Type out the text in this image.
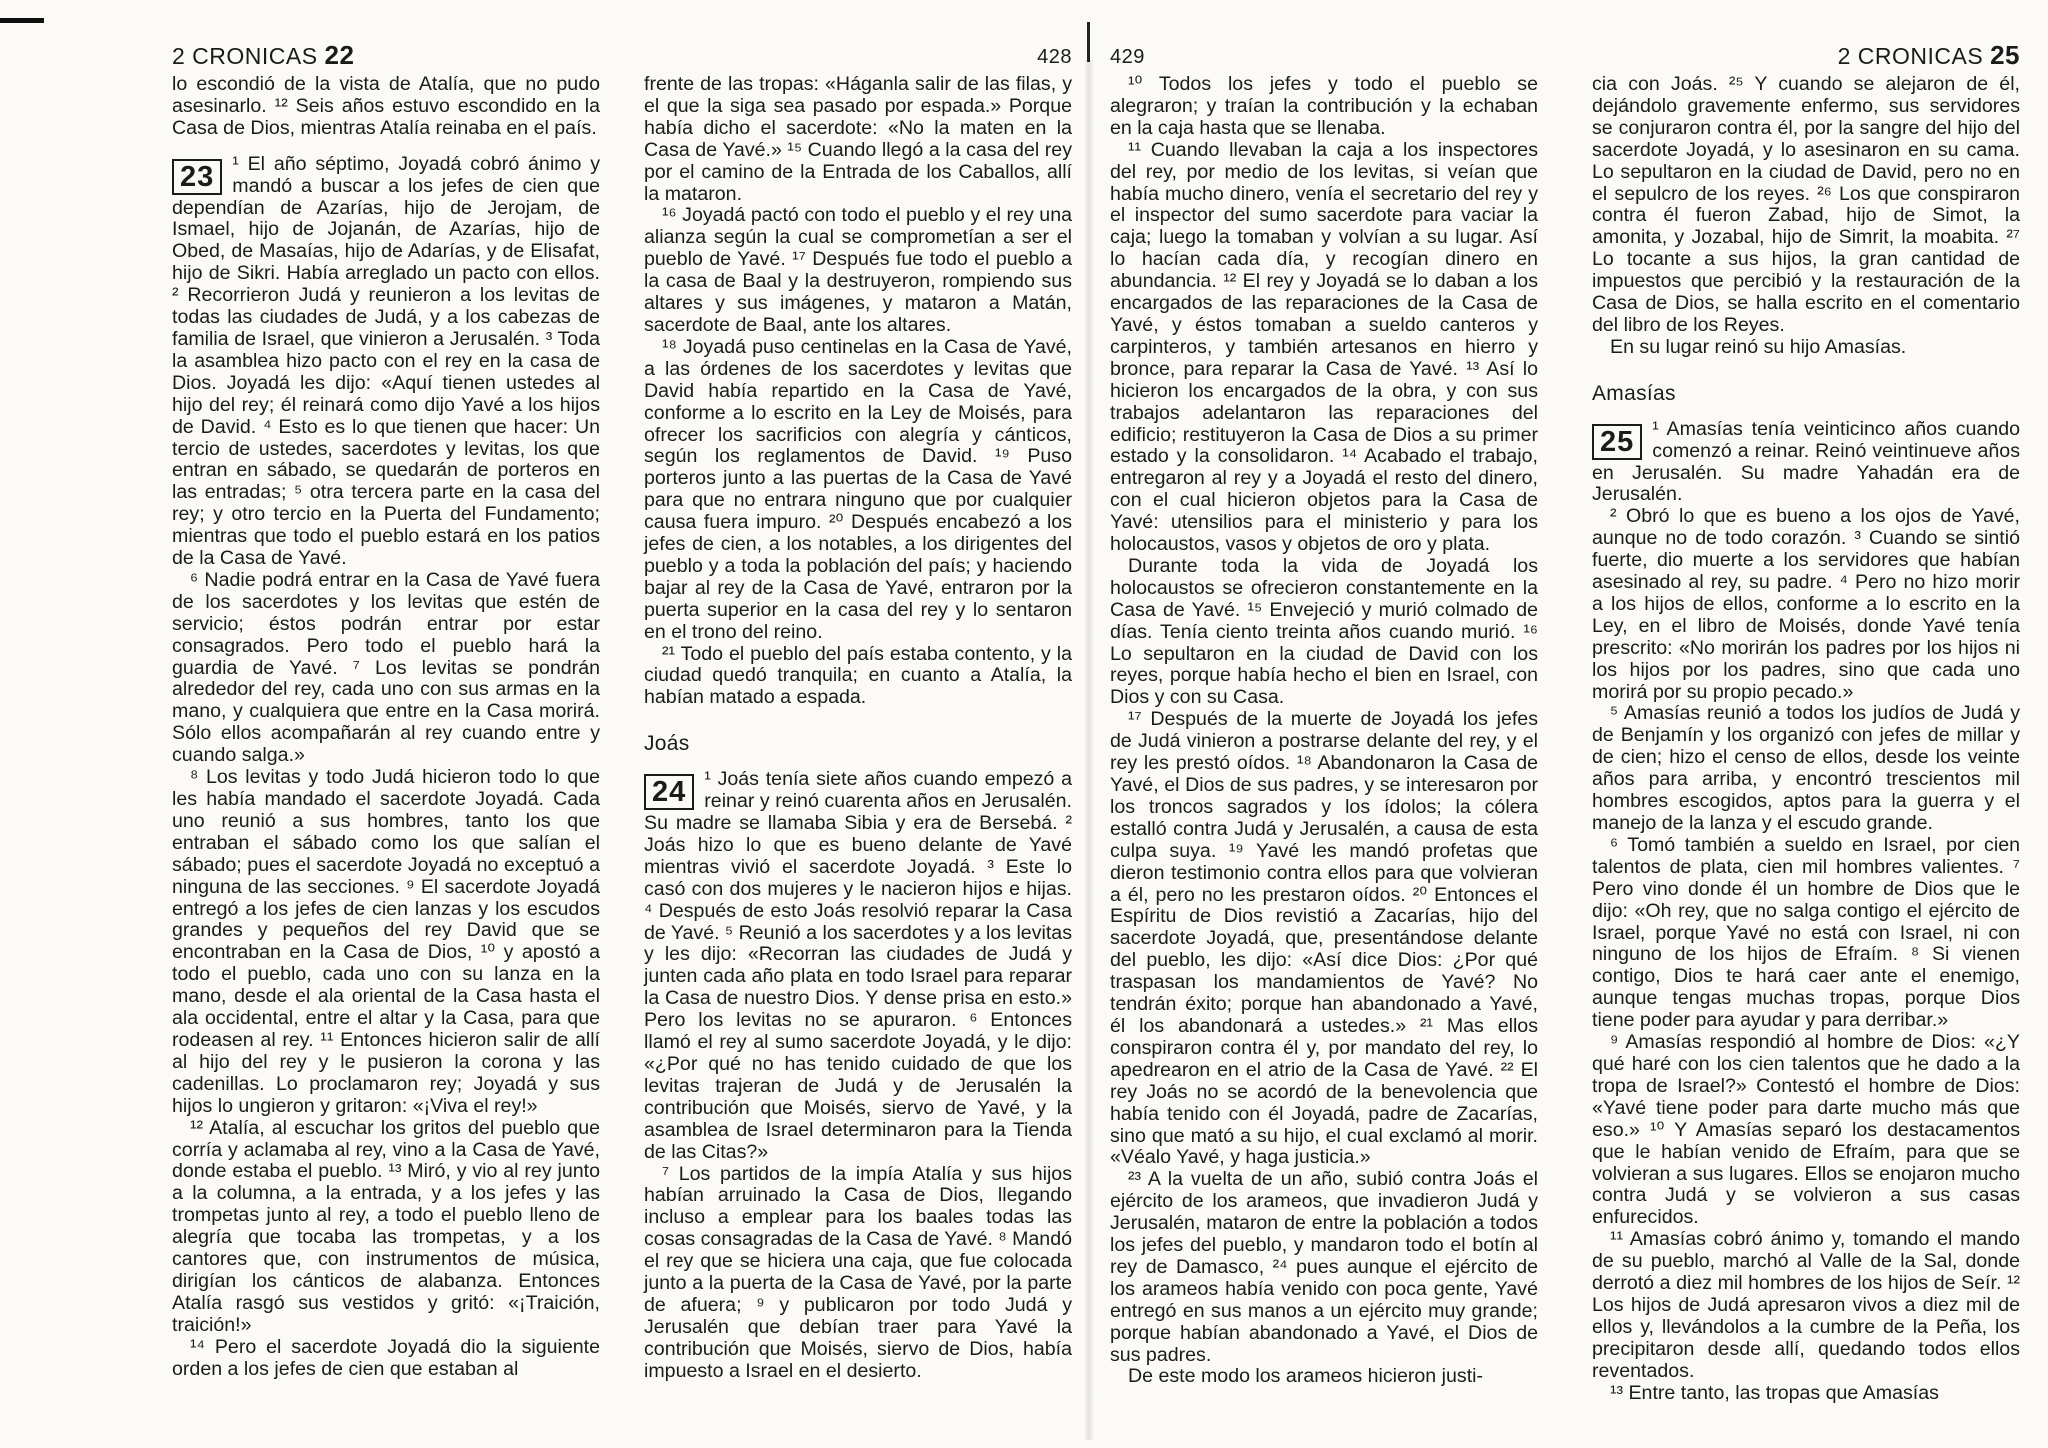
2 CRONICAS 22	428

lo escondió de la vista de Atalía, que no pudo asesinarlo. ¹² Seis años estuvo escondido en la Casa de Dios, mientras Atalía reinaba en el país.

23 ¹ El año séptimo, Joyadá cobró ánimo y mandó a buscar a los jefes de cien que dependían de Azarías, hijo de Jerojam, de Ismael, hijo de Jojanán, de Azarías, hijo de Obed, de Masaías, hijo de Adarías, y de Elisafat, hijo de Sikri. Había arreglado un pacto con ellos. ² Recorrieron Judá y reunieron a los levitas de todas las ciudades de Judá, y a los cabezas de familia de Israel, que vinieron a Jerusalén. ³ Toda la asamblea hizo pacto con el rey en la casa de Dios. Joyadá les dijo: «Aquí tienen ustedes al hijo del rey; él reinará como dijo Yavé a los hijos de David. ⁴ Esto es lo que tienen que hacer: Un tercio de ustedes, sacerdotes y levitas, los que entran en sábado, se quedarán de porteros en las entradas; ⁵ otra tercera parte en la casa del rey; y otro tercio en la Puerta del Fundamento; mientras que todo el pueblo estará en los patios de la Casa de Yavé.

⁶ Nadie podrá entrar en la Casa de Yavé fuera de los sacerdotes y los levitas que estén de servicio; éstos podrán entrar por estar consagrados. Pero todo el pueblo hará la guardia de Yavé. ⁷ Los levitas se pondrán alrededor del rey, cada uno con sus armas en la mano, y cualquiera que entre en la Casa morirá. Sólo ellos acompañarán al rey cuando entre y cuando salga.»

⁸ Los levitas y todo Judá hicieron todo lo que les había mandado el sacerdote Joyadá. Cada uno reunió a sus hombres, tanto los que entraban el sábado como los que salían el sábado; pues el sacerdote Joyadá no exceptuó a ninguna de las secciones. ⁹ El sacerdote Joyadá entregó a los jefes de cien lanzas y los escudos grandes y pequeños del rey David que se encontraban en la Casa de Dios, ¹⁰ y apostó a todo el pueblo, cada uno con su lanza en la mano, desde el ala oriental de la Casa hasta el ala occidental, entre el altar y la Casa, para que rodeasen al rey. ¹¹ Entonces hicieron salir de allí al hijo del rey y le pusieron la corona y las cadenillas. Lo proclamaron rey; Joyadá y sus hijos lo ungieron y gritaron: «¡Viva el rey!»

¹² Atalía, al escuchar los gritos del pueblo que corría y aclamaba al rey, vino a la Casa de Yavé, donde estaba el pueblo. ¹³ Miró, y vio al rey junto a la columna, a la entrada, y a los jefes y las trompetas junto al rey, a todo el pueblo lleno de alegría que tocaba las trompetas, y a los cantores que, con instrumentos de música, dirigían los cánticos de alabanza. Entonces Atalía rasgó sus vestidos y gritó: «¡Traición, traición!»

¹⁴ Pero el sacerdote Joyadá dio la siguiente orden a los jefes de cien que estaban al

frente de las tropas: «Háganla salir de las filas, y el que la siga sea pasado por espada.» Porque había dicho el sacerdote: «No la maten en la Casa de Yavé.» ¹⁵ Cuando llegó a la casa del rey por el camino de la Entrada de los Caballos, allí la mataron.

¹⁶ Joyadá pactó con todo el pueblo y el rey una alianza según la cual se comprometían a ser el pueblo de Yavé. ¹⁷ Después fue todo el pueblo a la casa de Baal y la destruyeron, rompiendo sus altares y sus imágenes, y mataron a Matán, sacerdote de Baal, ante los altares.

¹⁸ Joyadá puso centinelas en la Casa de Yavé, a las órdenes de los sacerdotes y levitas que David había repartido en la Casa de Yavé, conforme a lo escrito en la Ley de Moisés, para ofrecer los sacrificios con alegría y cánticos, según los reglamentos de David. ¹⁹ Puso porteros junto a las puertas de la Casa de Yavé para que no entrara ninguno que por cualquier causa fuera impuro. ²⁰ Después encabezó a los jefes de cien, a los notables, a los dirigentes del pueblo y a toda la población del país; y haciendo bajar al rey de la Casa de Yavé, entraron por la puerta superior en la casa del rey y lo sentaron en el trono del reino.

²¹ Todo el pueblo del país estaba contento, y la ciudad quedó tranquila; en cuanto a Atalía, la habían matado a espada.

Joás

24 ¹ Joás tenía siete años cuando empezó a reinar y reinó cuarenta años en Jerusalén. Su madre se llamaba Sibia y era de Bersebá. ² Joás hizo lo que es bueno delante de Yavé mientras vivió el sacerdote Joyadá. ³ Este lo casó con dos mujeres y le nacieron hijos e hijas. ⁴ Después de esto Joás resolvió reparar la Casa de Yavé. ⁵ Reunió a los sacerdotes y a los levitas y les dijo: «Recorran las ciudades de Judá y junten cada año plata en todo Israel para reparar la Casa de nuestro Dios. Y dense prisa en esto.» Pero los levitas no se apuraron. ⁶ Entonces llamó el rey al sumo sacerdote Joyadá, y le dijo: «¿Por qué no has tenido cuidado de que los levitas trajeran de Judá y de Jerusalén la contribución que Moisés, siervo de Yavé, y la asamblea de Israel determinaron para la Tienda de las Citas?»

⁷ Los partidos de la impía Atalía y sus hijos habían arruinado la Casa de Dios, llegando incluso a emplear para los baales todas las cosas consagradas de la Casa de Yavé. ⁸ Mandó el rey que se hiciera una caja, que fue colocada junto a la puerta de la Casa de Yavé, por la parte de afuera; ⁹ y publicaron por todo Judá y Jerusalén que debían traer para Yavé la contribución que Moisés, siervo de Dios, había impuesto a Israel en el desierto.

429	2 CRONICAS 25

¹⁰ Todos los jefes y todo el pueblo se alegraron; y traían la contribución y la echaban en la caja hasta que se llenaba.

¹¹ Cuando llevaban la caja a los inspectores del rey, por medio de los levitas, si veían que había mucho dinero, venía el secretario del rey y el inspector del sumo sacerdote para vaciar la caja; luego la tomaban y volvían a su lugar. Así lo hacían cada día, y recogían dinero en abundancia. ¹² El rey y Joyadá se lo daban a los encargados de las reparaciones de la Casa de Yavé, y éstos tomaban a sueldo canteros y carpinteros, y también artesanos en hierro y bronce, para reparar la Casa de Yavé. ¹³ Así lo hicieron los encargados de la obra, y con sus trabajos adelantaron las reparaciones del edificio; restituyeron la Casa de Dios a su primer estado y la consolidaron. ¹⁴ Acabado el trabajo, entregaron al rey y a Joyadá el resto del dinero, con el cual hicieron objetos para la Casa de Yavé: utensilios para el ministerio y para los holocaustos, vasos y objetos de oro y plata.

Durante toda la vida de Joyadá los holocaustos se ofrecieron constantemente en la Casa de Yavé. ¹⁵ Envejeció y murió colmado de días. Tenía ciento treinta años cuando murió. ¹⁶ Lo sepultaron en la ciudad de David con los reyes, porque había hecho el bien en Israel, con Dios y con su Casa.

¹⁷ Después de la muerte de Joyadá los jefes de Judá vinieron a postrarse delante del rey, y el rey les prestó oídos. ¹⁸ Abandonaron la Casa de Yavé, el Dios de sus padres, y se interesaron por los troncos sagrados y los ídolos; la cólera estalló contra Judá y Jerusalén, a causa de esta culpa suya. ¹⁹ Yavé les mandó profetas que dieron testimonio contra ellos para que volvieran a él, pero no les prestaron oídos. ²⁰ Entonces el Espíritu de Dios revistió a Zacarías, hijo del sacerdote Joyadá, que, presentándose delante del pueblo, les dijo: «Así dice Dios: ¿Por qué traspasan los mandamientos de Yavé? No tendrán éxito; porque han abandonado a Yavé, él los abandonará a ustedes.» ²¹ Mas ellos conspiraron contra él y, por mandato del rey, lo apedrearon en el atrio de la Casa de Yavé. ²² El rey Joás no se acordó de la benevolencia que había tenido con él Joyadá, padre de Zacarías, sino que mató a su hijo, el cual exclamó al morir. «Véalo Yavé, y haga justicia.»

²³ A la vuelta de un año, subió contra Joás el ejército de los arameos, que invadieron Judá y Jerusalén, mataron de entre la población a todos los jefes del pueblo, y mandaron todo el botín al rey de Damasco, ²⁴ pues aunque el ejército de los arameos había venido con poca gente, Yavé entregó en sus manos a un ejército muy grande; porque habían abandonado a Yavé, el Dios de sus padres.

De este modo los arameos hicieron justi-

cia con Joás. ²⁵ Y cuando se alejaron de él, dejándolo gravemente enfermo, sus servidores se conjuraron contra él, por la sangre del hijo del sacerdote Joyadá, y lo asesinaron en su cama. Lo sepultaron en la ciudad de David, pero no en el sepulcro de los reyes. ²⁶ Los que conspiraron contra él fueron Zabad, hijo de Simot, la amonita, y Jozabal, hijo de Simrit, la moabita. ²⁷ Lo tocante a sus hijos, la gran cantidad de impuestos que percibió y la restauración de la Casa de Dios, se halla escrito en el comentario del libro de los Reyes.

En su lugar reinó su hijo Amasías.

Amasías

25 ¹ Amasías tenía veinticinco años cuando comenzó a reinar. Reinó veintinueve años en Jerusalén. Su madre Yahadán era de Jerusalén.

² Obró lo que es bueno a los ojos de Yavé, aunque no de todo corazón. ³ Cuando se sintió fuerte, dio muerte a los servidores que habían asesinado al rey, su padre. ⁴ Pero no hizo morir a los hijos de ellos, conforme a lo escrito en la Ley, en el libro de Moisés, donde Yavé tenía prescrito: «No morirán los padres por los hijos ni los hijos por los padres, sino que cada uno morirá por su propio pecado.»

⁵ Amasías reunió a todos los judíos de Judá y de Benjamín y los organizó con jefes de millar y de cien; hizo el censo de ellos, desde los veinte años para arriba, y encontró trescientos mil hombres escogidos, aptos para la guerra y el manejo de la lanza y el escudo grande.

⁶ Tomó también a sueldo en Israel, por cien talentos de plata, cien mil hombres valientes. ⁷ Pero vino donde él un hombre de Dios que le dijo: «Oh rey, que no salga contigo el ejército de Israel, porque Yavé no está con Israel, ni con ninguno de los hijos de Efraím. ⁸ Si vienen contigo, Dios te hará caer ante el enemigo, aunque tengas muchas tropas, porque Dios tiene poder para ayudar y para derribar.»

⁹ Amasías respondió al hombre de Dios: «¿Y qué haré con los cien talentos que he dado a la tropa de Israel?» Contestó el hombre de Dios: «Yavé tiene poder para darte mucho más que eso.» ¹⁰ Y Amasías separó los destacamentos que le habían venido de Efraím, para que se volvieran a sus lugares. Ellos se enojaron mucho contra Judá y se volvieron a sus casas enfurecidos.

¹¹ Amasías cobró ánimo y, tomando el mando de su pueblo, marchó al Valle de la Sal, donde derrotó a diez mil hombres de los hijos de Seír. ¹² Los hijos de Judá apresaron vivos a diez mil de ellos y, llevándolos a la cumbre de la Peña, los precipitaron desde allí, quedando todos ellos reventados.

¹³ Entre tanto, las tropas que Amasías
